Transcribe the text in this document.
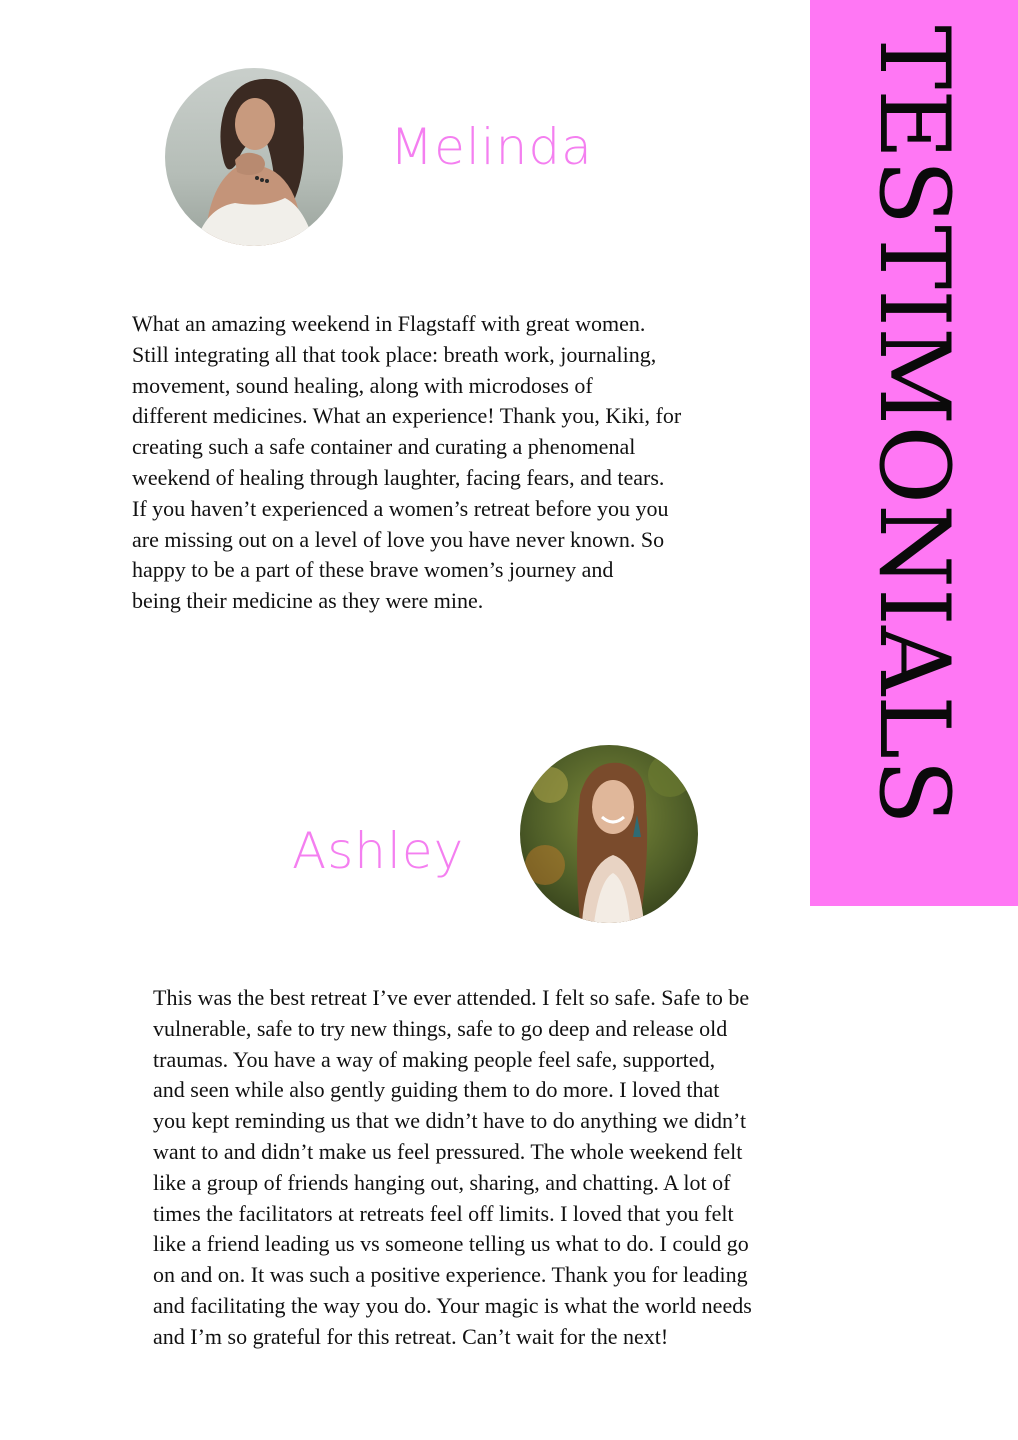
TESTIMONIALS
Melinda
What an amazing weekend in Flagstaff with great women.
Still integrating all that took place: breath work, journaling,
movement, sound healing, along with microdoses of
different medicines. What an experience! Thank you, Kiki, for
creating such a safe container and curating a phenomenal
weekend of healing through laughter, facing fears, and tears.
If you haven’t experienced a women’s retreat before you you
are missing out on a level of love you have never known. So
happy to be a part of these brave women’s journey and
being their medicine as they were mine.
Ashley
This was the best retreat I’ve ever attended. I felt so safe. Safe to be
vulnerable, safe to try new things, safe to go deep and release old
traumas. You have a way of making people feel safe, supported,
and seen while also gently guiding them to do more. I loved that
you kept reminding us that we didn’t have to do anything we didn’t
want to and didn’t make us feel pressured. The whole weekend felt
like a group of friends hanging out, sharing, and chatting. A lot of
times the facilitators at retreats feel off limits. I loved that you felt
like a friend leading us vs someone telling us what to do. I could go
on and on. It was such a positive experience. Thank you for leading
and facilitating the way you do. Your magic is what the world needs
and I’m so grateful for this retreat. Can’t wait for the next!
